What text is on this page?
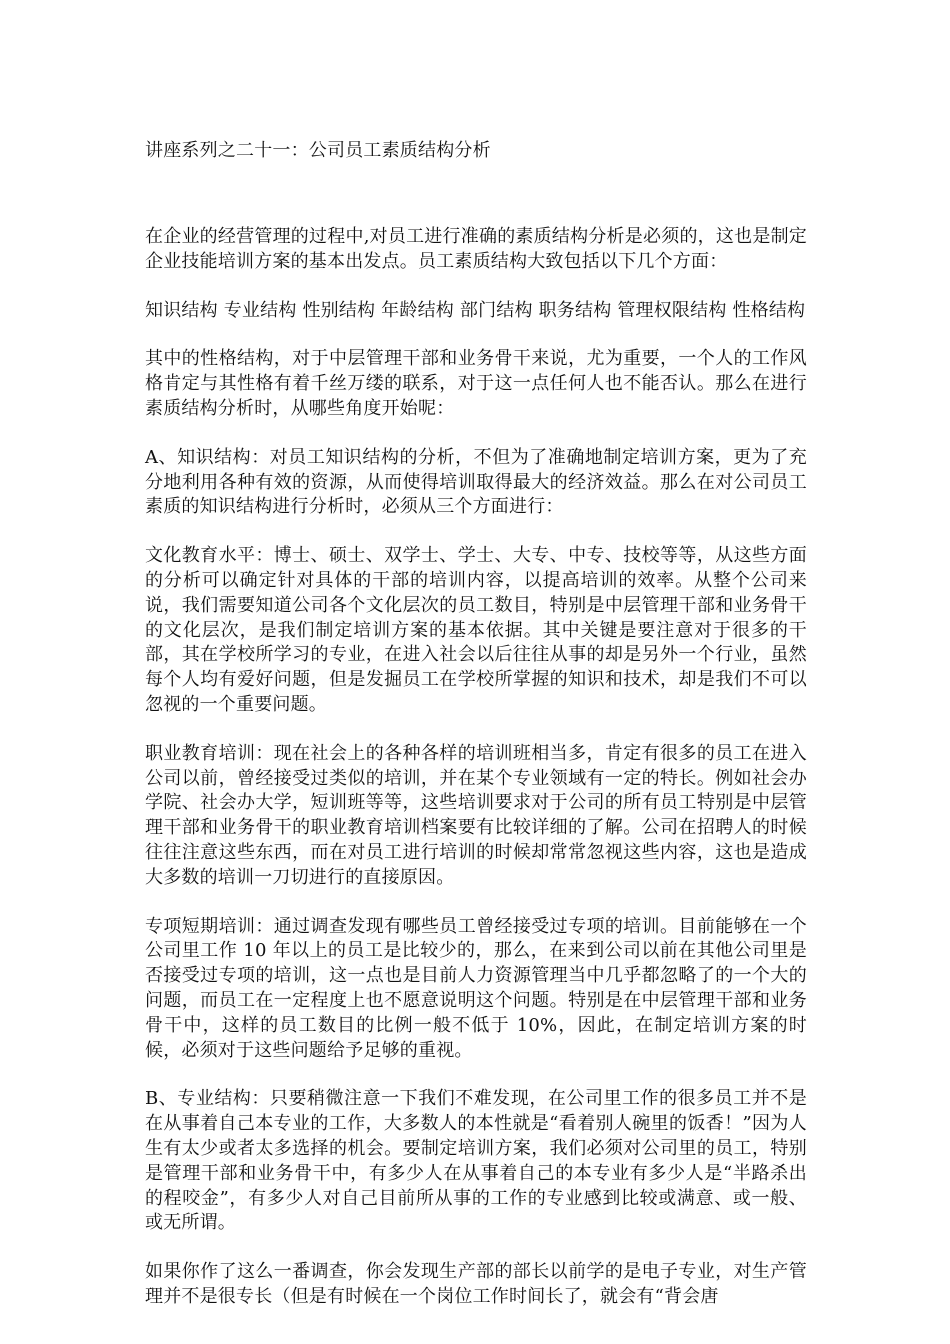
讲座系列之二十一：公司员工素质结构分析

在企业的经营管理的过程中,对员工进行准确的素质结构分析是必须的，这也是制定企业技能培训方案的基本出发点。员工素质结构大致包括以下几个方面：

知识结构 专业结构 性别结构 年龄结构 部门结构 职务结构 管理权限结构 性格结构

其中的性格结构，对于中层管理干部和业务骨干来说，尤为重要，一个人的工作风格肯定与其性格有着千丝万缕的联系，对于这一点任何人也不能否认。那么在进行素质结构分析时，从哪些角度开始呢：

A、知识结构：对员工知识结构的分析，不但为了准确地制定培训方案，更为了充分地利用各种有效的资源，从而使得培训取得最大的经济效益。那么在对公司员工素质的知识结构进行分析时，必须从三个方面进行：

文化教育水平：博士、硕士、双学士、学士、大专、中专、技校等等，从这些方面的分析可以确定针对具体的干部的培训内容，以提高培训的效率。从整个公司来说，我们需要知道公司各个文化层次的员工数目，特别是中层管理干部和业务骨干的文化层次，是我们制定培训方案的基本依据。其中关键是要注意对于很多的干部，其在学校所学习的专业，在进入社会以后往往从事的却是另外一个行业，虽然每个人均有爱好问题，但是发掘员工在学校所掌握的知识和技术，却是我们不可以忽视的一个重要问题。

职业教育培训：现在社会上的各种各样的培训班相当多，肯定有很多的员工在进入公司以前，曾经接受过类似的培训，并在某个专业领域有一定的特长。例如社会办学院、社会办大学，短训班等等，这些培训要求对于公司的所有员工特别是中层管理干部和业务骨干的职业教育培训档案要有比较详细的了解。公司在招聘人的时候往往注意这些东西，而在对员工进行培训的时候却常常忽视这些内容，这也是造成大多数的培训一刀切进行的直接原因。

专项短期培训：通过调查发现有哪些员工曾经接受过专项的培训。目前能够在一个公司里工作 10 年以上的员工是比较少的，那么，在来到公司以前在其他公司里是否接受过专项的培训，这一点也是目前人力资源管理当中几乎都忽略了的一个大的问题，而员工在一定程度上也不愿意说明这个问题。特别是在中层管理干部和业务骨干中，这样的员工数目的比例一般不低于 10%，因此，在制定培训方案的时候，必须对于这些问题给予足够的重视。

B、专业结构：只要稍微注意一下我们不难发现，在公司里工作的很多员工并不是在从事着自己本专业的工作，大多数人的本性就是“看着别人碗里的饭香！”因为人生有太少或者太多选择的机会。要制定培训方案，我们必须对公司里的员工，特别是管理干部和业务骨干中，有多少人在从事着自己的本专业有多少人是“半路杀出的程咬金”，有多少人对自己目前所从事的工作的专业感到比较或满意、或一般、或无所谓。

如果你作了这么一番调查，你会发现生产部的部长以前学的是电子专业，对生产管理并不是很专长（但是有时候在一个岗位工作时间长了，就会有“背会唐
